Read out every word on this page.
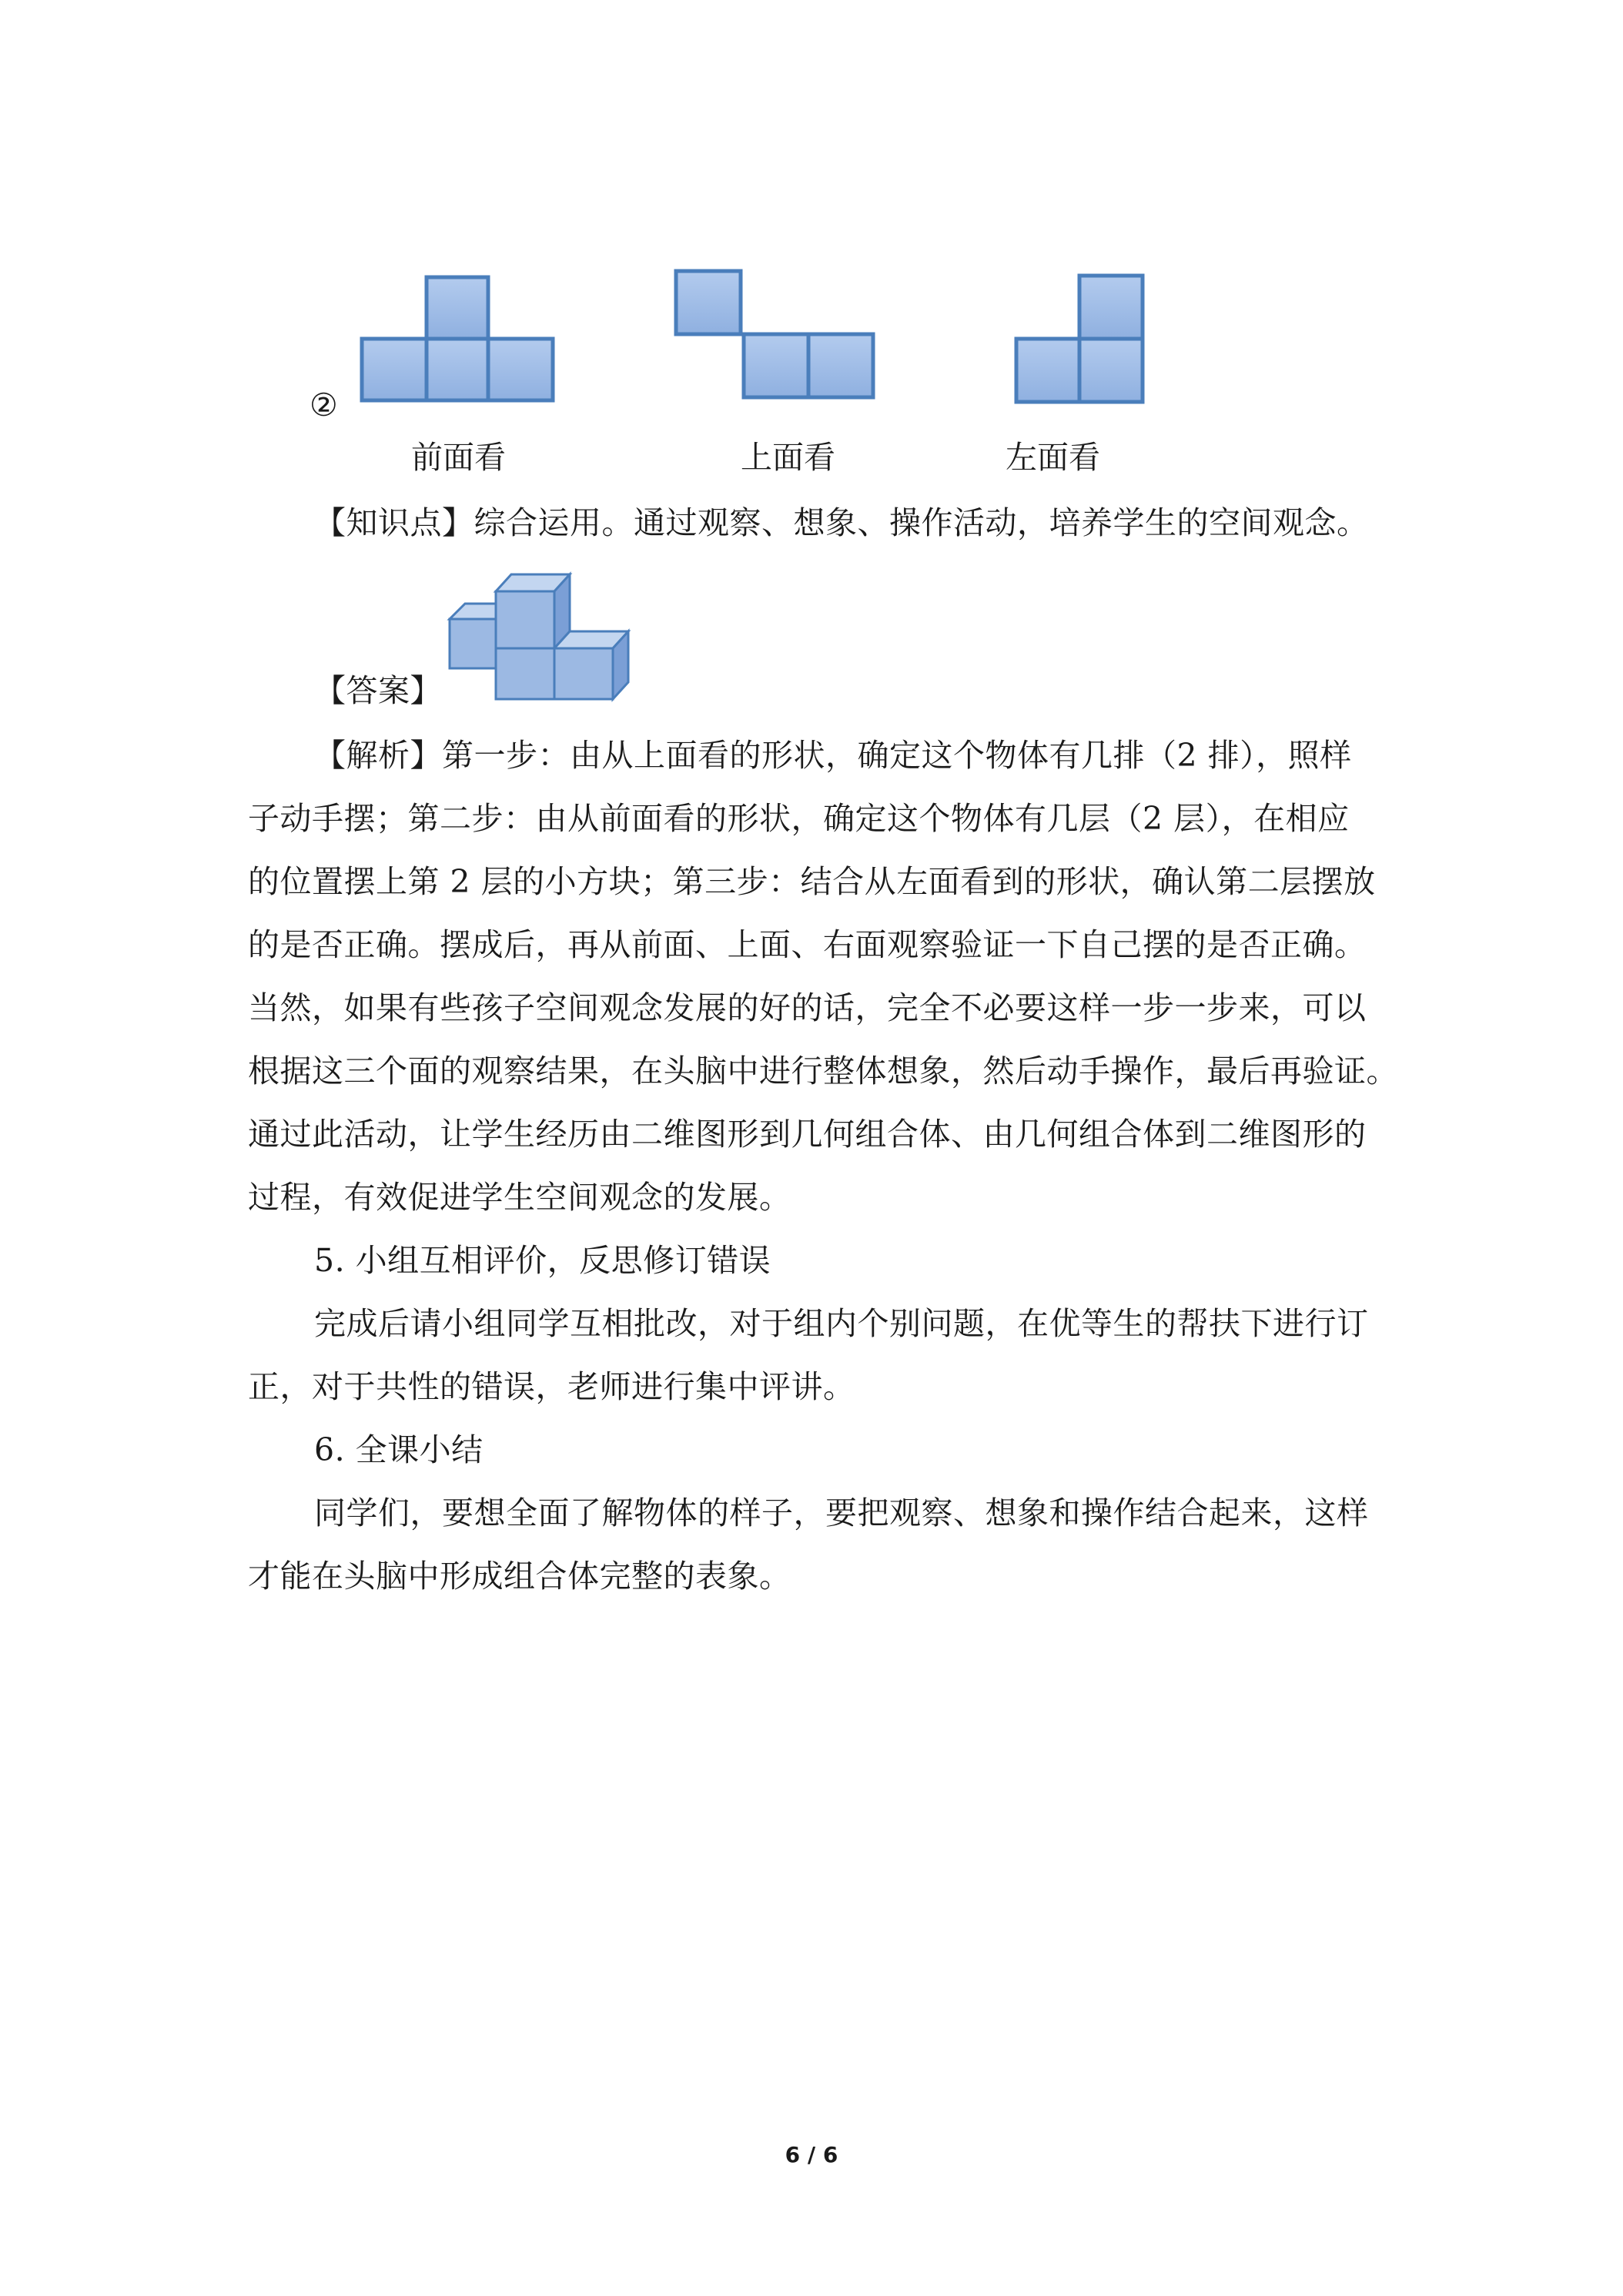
②
前面看	上面看	左面看
【知识点】综合运用。通过观察、想象、操作活动，培养学生的空间观念。
【答案】
【解析】第一步：由从上面看的形状，确定这个物体有几排（2 排），照样
子动手摆；第二步：由从前面看的形状，确定这个物体有几层（2 层），在相应
的位置摆上第 2 层的小方块；第三步：结合从左面看到的形状，确认第二层摆放
的是否正确。摆成后，再从前面、上面、右面观察验证一下自己摆的是否正确。
当然，如果有些孩子空间观念发展的好的话，完全不必要这样一步一步来，可以
根据这三个面的观察结果，在头脑中进行整体想象，然后动手操作，最后再验证。
通过此活动，让学生经历由二维图形到几何组合体、由几何组合体到二维图形的
过程，有效促进学生空间观念的发展。
5. 小组互相评价，反思修订错误
完成后请小组同学互相批改，对于组内个别问题，在优等生的帮扶下进行订
正，对于共性的错误，老师进行集中评讲。
6. 全课小结
同学们，要想全面了解物体的样子，要把观察、想象和操作结合起来，这样
才能在头脑中形成组合体完整的表象。
6 / 6
